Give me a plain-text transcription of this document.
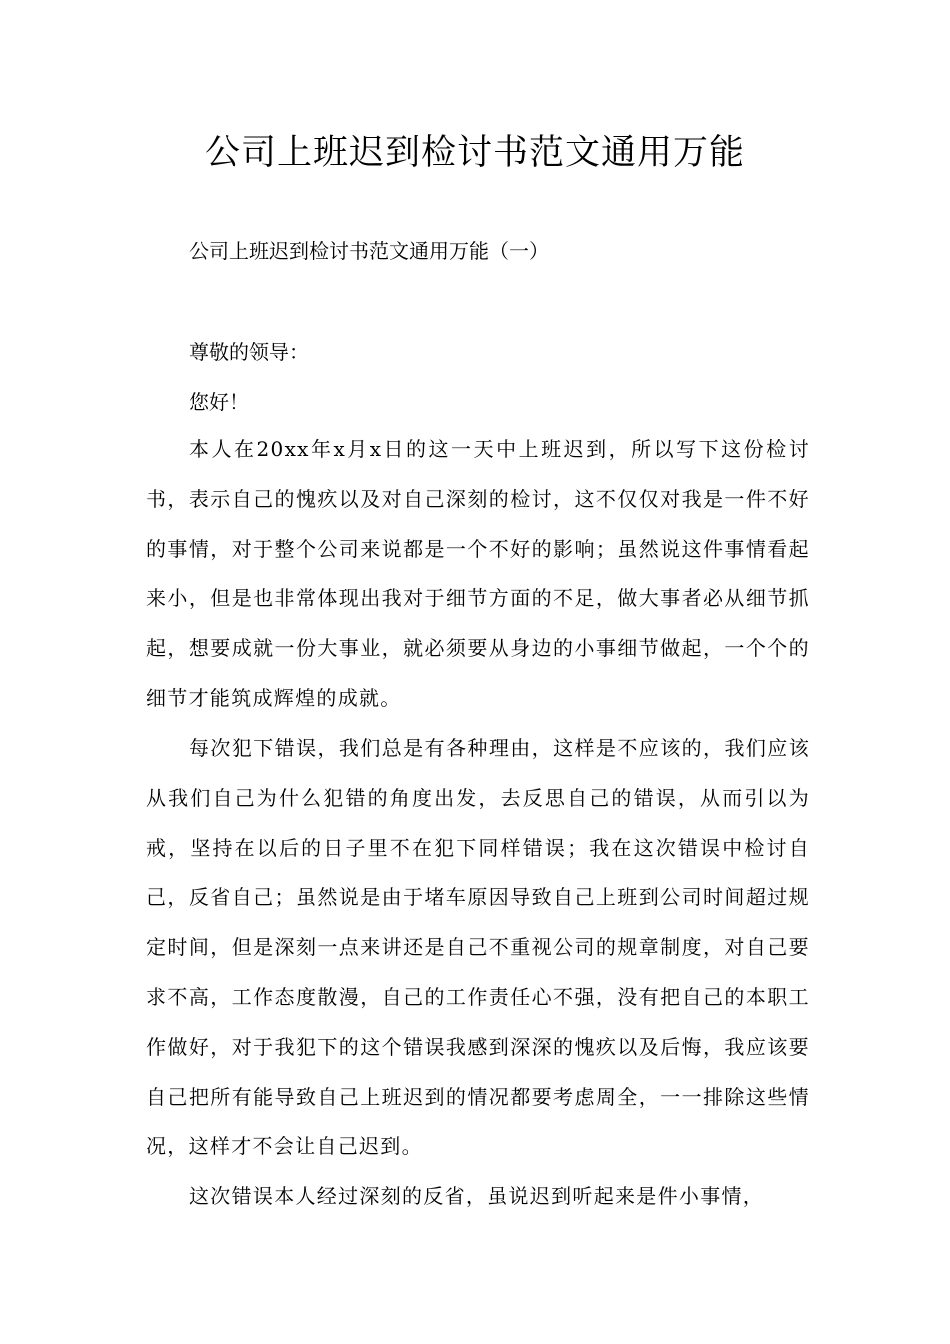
公司上班迟到检讨书范文通用万能

公司上班迟到检讨书范文通用万能（一）

尊敬的领导：

您好！

本人在20xx年x月x日的这一天中上班迟到，所以写下这份检讨书，表示自己的愧疚以及对自己深刻的检讨，这不仅仅对我是一件不好的事情，对于整个公司来说都是一个不好的影响；虽然说这件事情看起来小，但是也非常体现出我对于细节方面的不足，做大事者必从细节抓起，想要成就一份大事业，就必须要从身边的小事细节做起，一个个的细节才能筑成辉煌的成就。

每次犯下错误，我们总是有各种理由，这样是不应该的，我们应该从我们自己为什么犯错的角度出发，去反思自己的错误，从而引以为戒，坚持在以后的日子里不在犯下同样错误；我在这次错误中检讨自己，反省自己；虽然说是由于堵车原因导致自己上班到公司时间超过规定时间，但是深刻一点来讲还是自己不重视公司的规章制度，对自己要求不高，工作态度散漫，自己的工作责任心不强，没有把自己的本职工作做好，对于我犯下的这个错误我感到深深的愧疚以及后悔，我应该要自己把所有能导致自己上班迟到的情况都要考虑周全，一一排除这些情况，这样才不会让自己迟到。

这次错误本人经过深刻的反省，虽说迟到听起来是件小事情，
